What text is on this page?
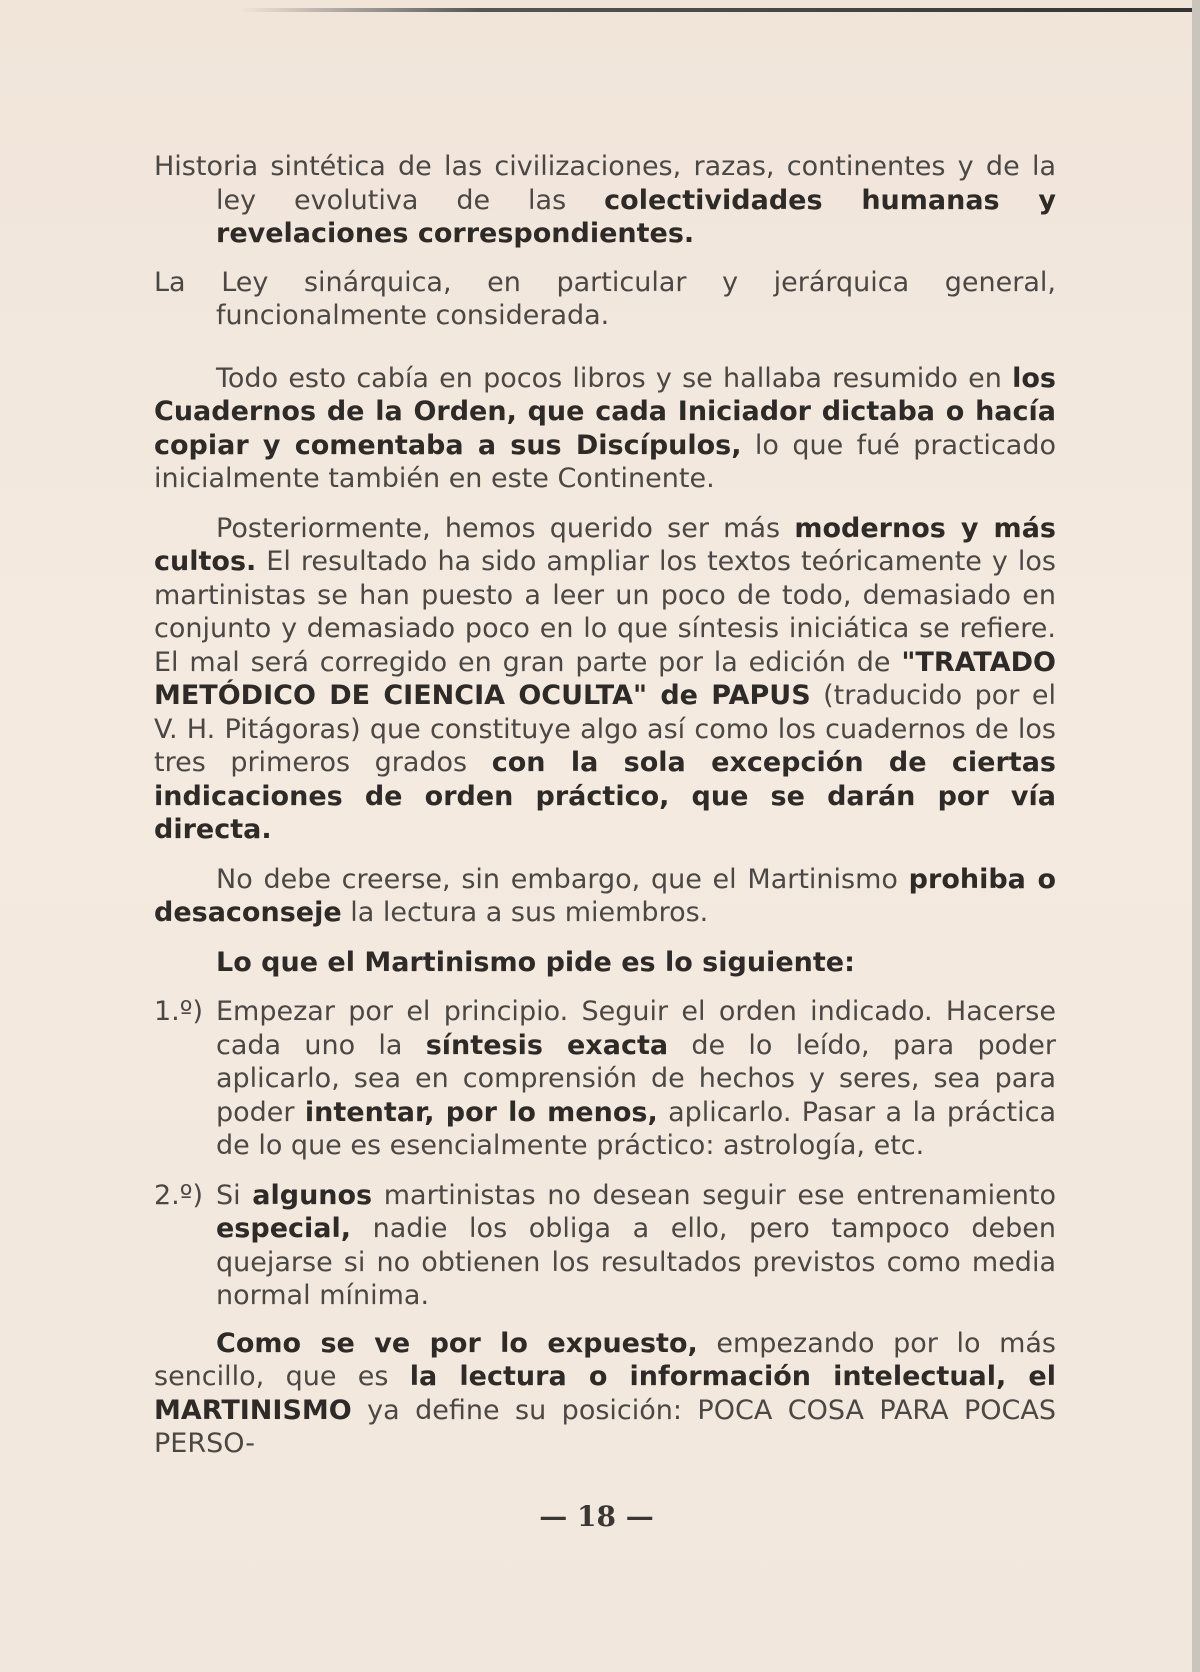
Historia sintética de las civilizaciones, razas, continentes y de la ley evolutiva de las colectividades humanas y revelaciones correspondientes.

La Ley sinárquica, en particular y jerárquica general, funcionalmente considerada.

Todo esto cabía en pocos libros y se hallaba resumido en los Cuadernos de la Orden, que cada Iniciador dictaba o hacía copiar y comentaba a sus Discípulos, lo que fué practicado inicialmente también en este Continente.

Posteriormente, hemos querido ser más modernos y más cultos. El resultado ha sido ampliar los textos teóricamente y los martinistas se han puesto a leer un poco de todo, demasiado en conjunto y demasiado poco en lo que síntesis iniciática se refiere. El mal será corregido en gran parte por la edición de "TRATADO METÓDICO DE CIENCIA OCULTA" de PAPUS (traducido por el V. H. Pitágoras) que constituye algo así como los cuadernos de los tres primeros grados con la sola excepción de ciertas indicaciones de orden práctico, que se darán por vía directa.

No debe creerse, sin embargo, que el Martinismo prohiba o desaconseje la lectura a sus miembros.

Lo que el Martinismo pide es lo siguiente:

1.º) Empezar por el principio. Seguir el orden indicado. Hacerse cada uno la síntesis exacta de lo leído, para poder aplicarlo, sea en comprensión de hechos y seres, sea para poder intentar, por lo menos, aplicarlo. Pasar a la práctica de lo que es esencialmente práctico: astrología, etc.

2.º) Si algunos martinistas no desean seguir ese entrenamiento especial, nadie los obliga a ello, pero tampoco deben quejarse si no obtienen los resultados previstos como media normal mínima.

Como se ve por lo expuesto, empezando por lo más sencillo, que es la lectura o información intelectual, el MARTINISMO ya define su posición: POCA COSA PARA POCAS PERSO-

— 18 —
